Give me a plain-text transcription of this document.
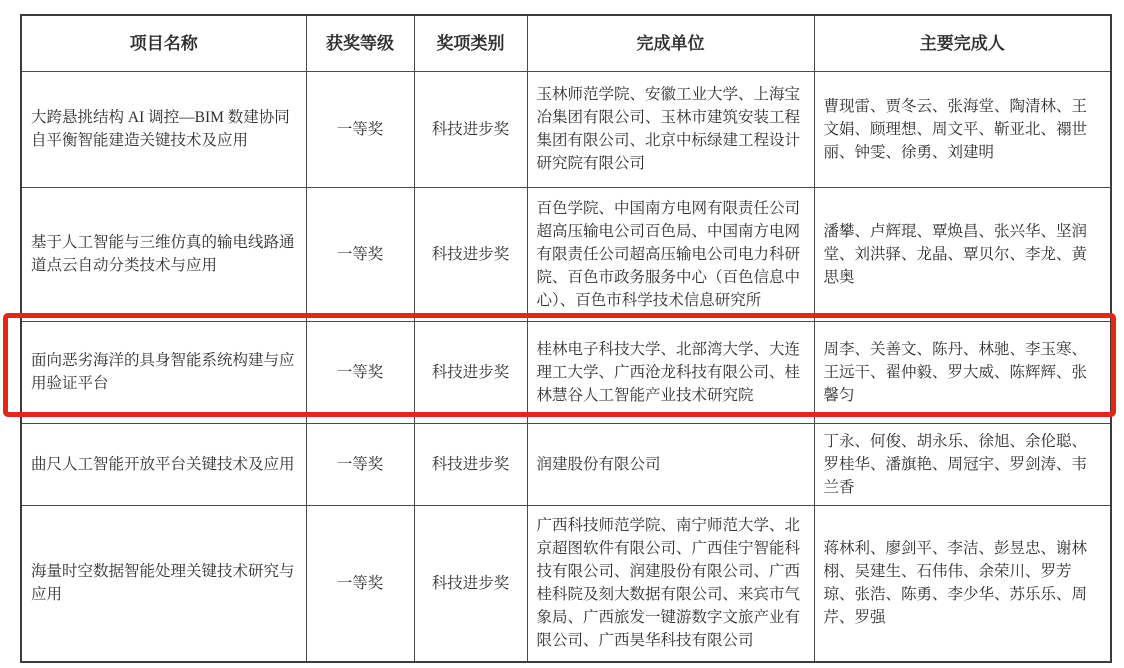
项目名称	获奖等级	奖项类别	完成单位	主要完成人
大跨悬挑结构 AI 调控—BIM 数建协同自平衡智能建造关键技术及应用	一等奖	科技进步奖	玉林师范学院、安徽工业大学、上海宝冶集团有限公司、玉林市建筑安装工程集团有限公司、北京中标绿建工程设计研究院有限公司	曹现雷、贾冬云、张海堂、陶清林、王文娟、顾理想、周文平、靳亚北、禤世丽、钟雯、徐勇、刘建明
基于人工智能与三维仿真的输电线路通道点云自动分类技术与应用	一等奖	科技进步奖	百色学院、中国南方电网有限责任公司超高压输电公司百色局、中国南方电网有限责任公司超高压输电公司电力科研院、百色市政务服务中心（百色信息中心）、百色市科学技术信息研究所	潘攀、卢辉琨、覃焕昌、张兴华、坚润堂、刘洪驿、龙晶、覃贝尔、李龙、黄思奥
面向恶劣海洋的具身智能系统构建与应用验证平台	一等奖	科技进步奖	桂林电子科技大学、北部湾大学、大连理工大学、广西沧龙科技有限公司、桂林慧谷人工智能产业技术研究院	周李、关善文、陈丹、林驰、李玉寒、王远干、翟仲毅、罗大威、陈辉辉、张馨匀
曲尺人工智能开放平台关键技术及应用	一等奖	科技进步奖	润建股份有限公司	丁永、何俊、胡永乐、徐旭、余伦聪、罗桂华、潘旗艳、周冠宇、罗剑涛、韦兰香
海量时空数据智能处理关键技术研究与应用	一等奖	科技进步奖	广西科技师范学院、南宁师范大学、北京超图软件有限公司、广西佳宁智能科技有限公司、润建股份有限公司、广西桂科院及刻大数据有限公司、来宾市气象局、广西旅发一键游数字文旅产业有限公司、广西昊华科技有限公司	蒋林利、廖剑平、李洁、彭昱忠、谢林栩、吴建生、石伟伟、余荣川、罗芳琼、张浩、陈勇、李少华、苏乐乐、周芹、罗强
